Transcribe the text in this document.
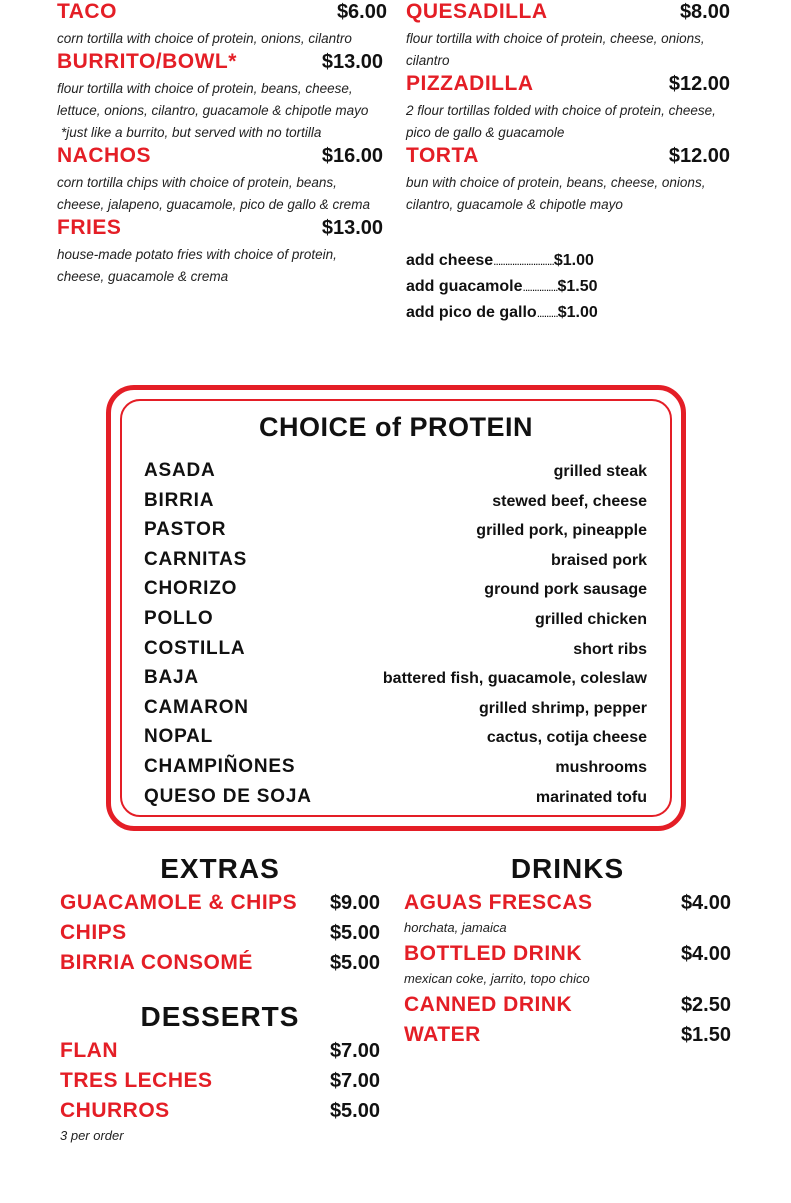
TACO	$6.00
corn tortilla with choice of protein, onions, cilantro
BURRITO/BOWL*	$13.00
flour tortilla with choice of protein, beans, cheese, lettuce, onions, cilantro, guacamole & chipotle mayo
*just like a burrito, but served with no tortilla
NACHOS	$16.00
corn tortilla chips with choice of protein, beans, cheese, jalapeno, guacamole, pico de gallo & crema
FRIES	$13.00
house-made potato fries with choice of protein, cheese, guacamole & crema
QUESADILLA	$8.00
flour tortilla with choice of protein, cheese, onions, cilantro
PIZZADILLA	$12.00
2 flour tortillas folded with choice of protein, cheese, pico de gallo & guacamole
TORTA	$12.00
bun with choice of protein, beans, cheese, onions, cilantro, guacamole & chipotle mayo
add cheese .......................... $1.00
add guacamole ............... $1.50
add pico de gallo ......... $1.00
CHOICE of PROTEIN
ASADA	grilled steak
BIRRIA	stewed beef, cheese
PASTOR	grilled pork, pineapple
CARNITAS	braised pork
CHORIZO	ground pork sausage
POLLO	grilled chicken
COSTILLA	short ribs
BAJA	battered fish, guacamole, coleslaw
CAMARON	grilled shrimp, pepper
NOPAL	cactus, cotija cheese
CHAMPIÑONES	mushrooms
QUESO DE SOJA	marinated tofu
EXTRAS
GUACAMOLE & CHIPS $9.00
CHIPS	$5.00
BIRRIA CONSOMÉ	$5.00
DESSERTS
FLAN	$7.00
TRES LECHES	$7.00
CHURROS	$5.00
3 per order
DRINKS
AGUAS FRESCAS	$4.00
horchata, jamaica
BOTTLED DRINK	$4.00
mexican coke, jarrito, topo chico
CANNED DRINK	$2.50
WATER	$1.50
